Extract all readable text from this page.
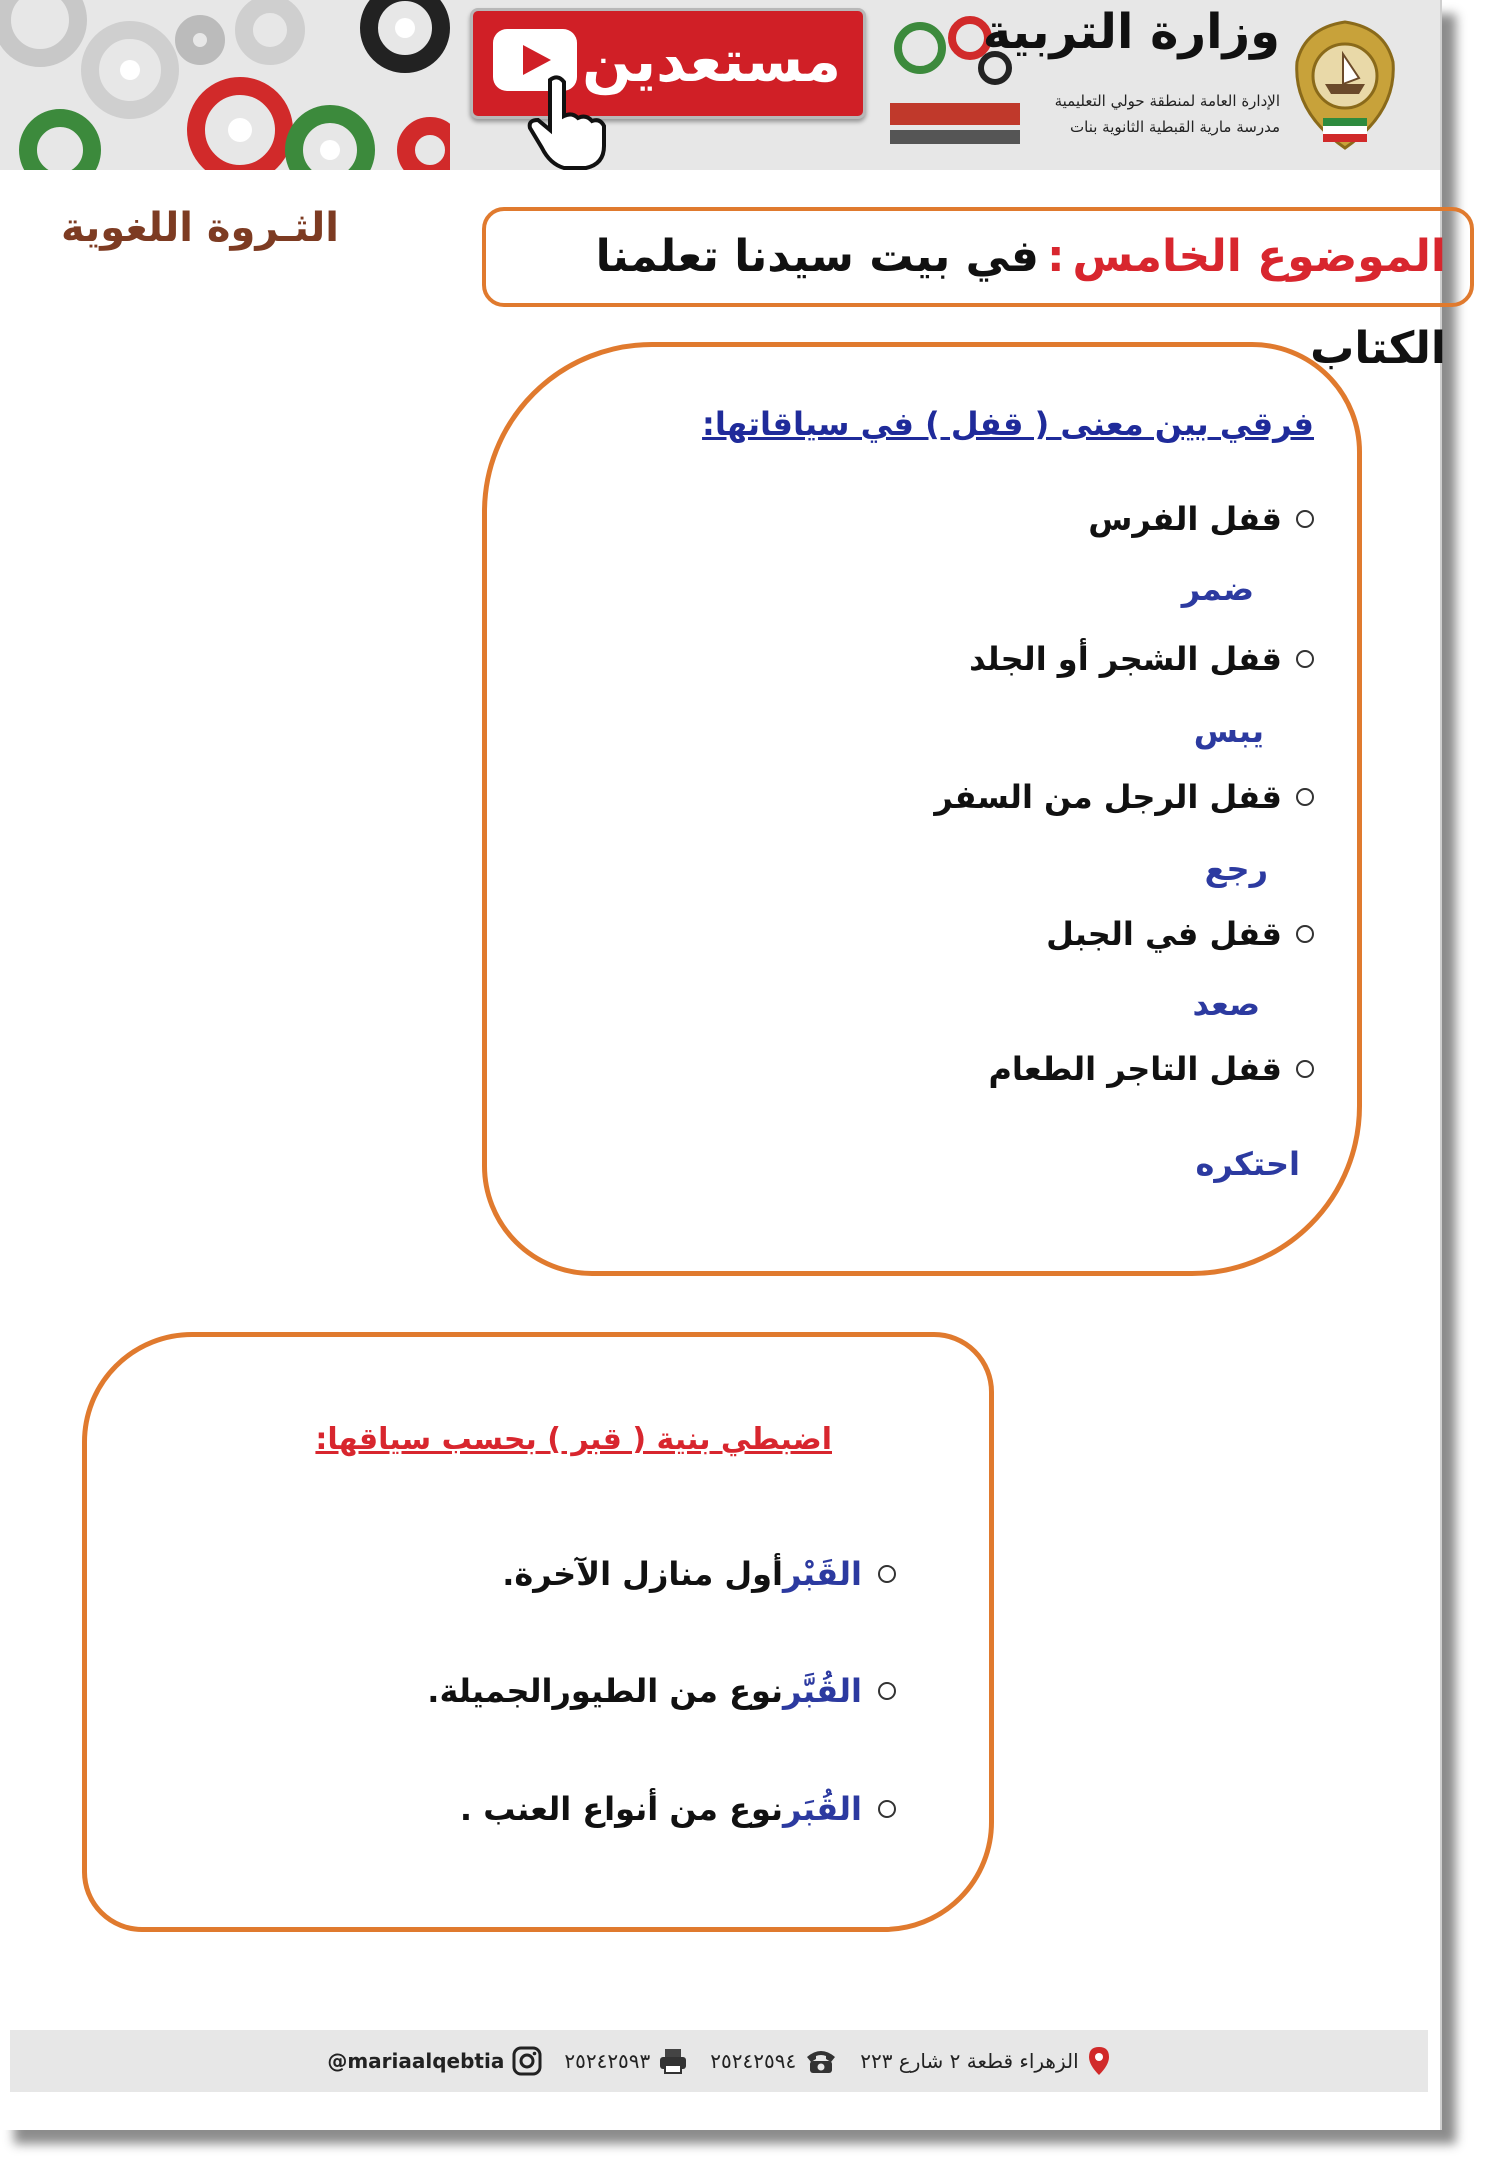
مستعدين	وزارة التربية
الإدارة العامة لمنطقة حولي التعليمية
مدرسة مارية القبطية الثانوية بنات
الموضوع الخامس:في بيت سيدنا تعلمنا الكتاب
الثـروة اللغوية
فرقي بين معنى ( قفل ) في سياقاتها:
قفل الفرس
ضمر
قفل الشجر أو الجلد
يبس
قفل الرجل من السفر
رجع
قفل في الجبل
صعد
قفل التاجر الطعام
احتكره
اضبطي بنية ( قبر ) بحسب سياقها:
القَبْرأول منازل الآخرة.
القُبَّرنوع من الطيورالجميلة.
القُبَرنوع من أنواع العنب .
@mariaalqebtia	٢٥٢٤٢٥٩٣	٢٥٢٤٢٥٩٤	الزهراء قطعة ٢ شارع ٢٢٣
